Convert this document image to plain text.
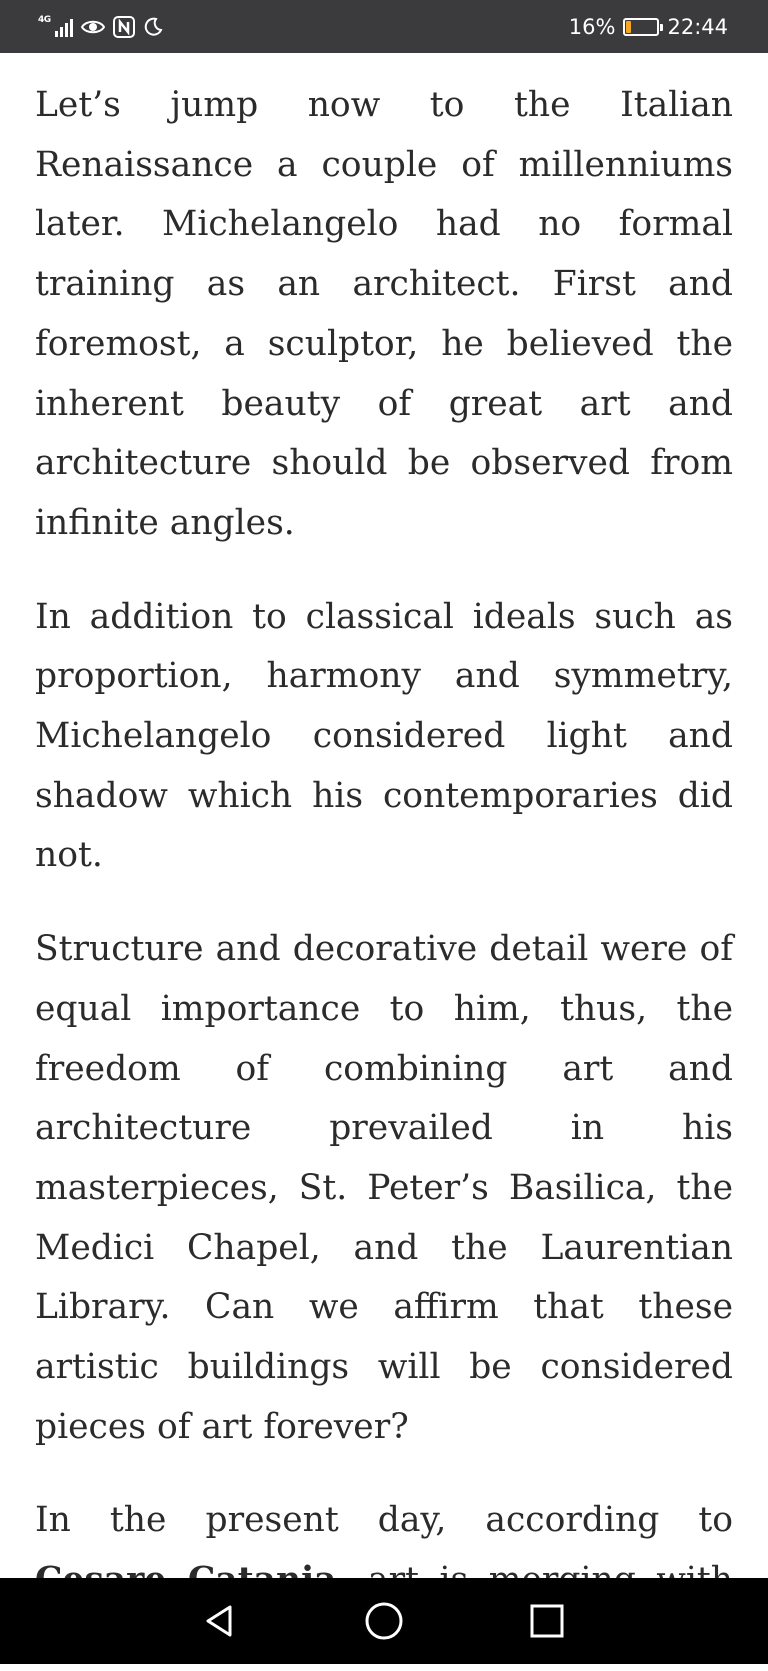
4G	16% 22:44

Let’s jump now to the Italian Renaissance a couple of millenniums later. Michelangelo had no formal training as an architect. First and foremost, a sculptor, he believed the inherent beauty of great art and architecture should be observed from infinite angles.

In addition to classical ideals such as proportion, harmony and symmetry, Michelangelo considered light and shadow which his contemporaries did not.

Structure and decorative detail were of equal importance to him, thus, the freedom of combining art and architecture prevailed in his masterpieces, St. Peter’s Basilica, the Medici Chapel, and the Laurentian Library. Can we affirm that these artistic buildings will be considered pieces of art forever?

In the present day, according to
